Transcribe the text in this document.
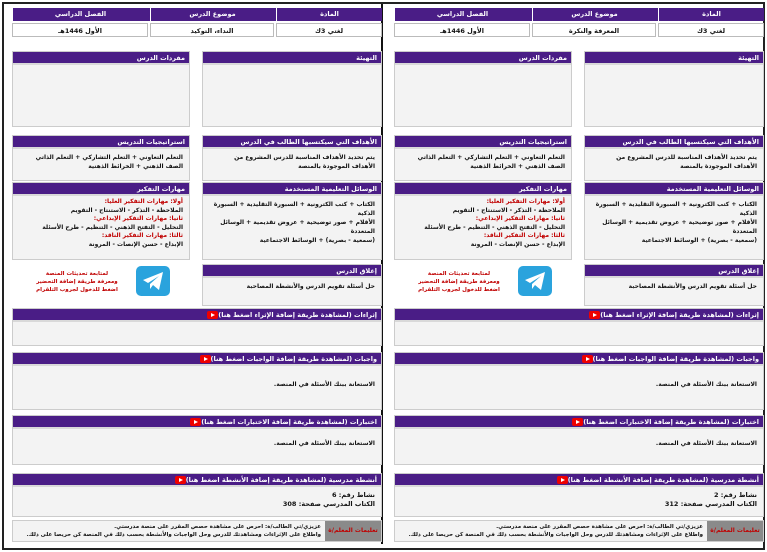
المادة
موضوع الدرس
الفصل الدراسي
لغتي 3ك
المعرفة والنكرة
الأول 1446هـ
التهيئة
مفردات الدرس
الأهداف التي سيكتسبها الطالب في الدرس
يتم تحديد الأهداف المناسبة للدرس المشروع من الأهداف الموجودة بالمنصة
استراتيجيات التدريس
التعلم التعاوني + التعلم التشاركي + التعلم الذاتي
الصف الذهني + الخرائط الذهنية
الوسائل التعليمية المستخدمة
الكتاب + كتب الكترونية + السبورة التقليدية + السبورة الذكية
الأقلام + صور توضيحية + عروض تقديمية + الوسائل المتعددة
(سمعية - بصرية) + الوسائط الاجتماعية
مهارات التفكير
أولا: مهارات التفكير العليا:
الملاحظة - التذكر - الاستنتاج - التقويم
ثانيا: مهارات التفكير الإبداعي:
التحليل - التفتح الذهني - التنظيم - طرح الأسئلة
ثالثا: مهارات التفكير الناقد:
الإبداع - حسن الإنصات - المرونة
إغلاق الدرس
حل أسئلة تقويم الدرس والأنشطة المصاحبة
لمتابعة تحديثات المنصة
ومعرفة طريقة إضافة التحضير
اضغط للدخول لجروب التلقرام
إثراءات (لمشاهدة طريقة إضافة الإثراء اضغط هنا)
واجبات (لمشاهدة طريقة إضافة الواجبات اضغط هنا)
الاستعانة ببنك الأسئلة في المنصة.
اختبارات (لمشاهدة طريقة إضافة الاختبارات اضغط هنا)
الاستعانة ببنك الأسئلة في المنصة.
أنشطة مدرسية (لمشاهدة طريقة إضافة الأنشطة اضغط هنا)
نشاط رقم: 2
الكتاب المدرسي صفحة: 312
تعليمات المعلم/ة
عزيزي/تي الطالب/ة: احرص على مشاهدة حصص المقرر على منصة مدرستي.
واطلاع على الإثراءات ومشاهدتك للدرس وحل الواجبات والأنشطة بحسب ذلك في المنصة كن حريصا على ذلك.
المادة
موضوع الدرس
الفصل الدراسي
لغتي 3ك
النداء، التوكيد
الأول 1446هـ
التهيئة
مفردات الدرس
الأهداف التي سيكتسبها الطالب في الدرس
يتم تحديد الأهداف المناسبة للدرس المشروع من الأهداف الموجودة بالمنصة
استراتيجيات التدريس
التعلم التعاوني + التعلم التشاركي + التعلم الذاتي
الصف الذهني + الخرائط الذهنية
الوسائل التعليمية المستخدمة
الكتاب + كتب الكترونية + السبورة التقليدية + السبورة الذكية
الأقلام + صور توضيحية + عروض تقديمية + الوسائل المتعددة
(سمعية - بصرية) + الوسائط الاجتماعية
مهارات التفكير
أولا: مهارات التفكير العليا:
الملاحظة - التذكر - الاستنتاج - التقويم
ثانيا: مهارات التفكير الإبداعي:
التحليل - التفتح الذهني - التنظيم - طرح الأسئلة
ثالثا: مهارات التفكير الناقد:
الإبداع - حسن الإنصات - المرونة
إغلاق الدرس
حل أسئلة تقويم الدرس والأنشطة المصاحبة
لمتابعة تحديثات المنصة
ومعرفة طريقة إضافة التحضير
اضغط للدخول لجروب التلقرام
إثراءات (لمشاهدة طريقة إضافة الإثراء اضغط هنا)
واجبات (لمشاهدة طريقة إضافة الواجبات اضغط هنا)
الاستعانة ببنك الأسئلة في المنصة.
اختبارات (لمشاهدة طريقة إضافة الاختبارات اضغط هنا)
الاستعانة ببنك الأسئلة في المنصة.
أنشطة مدرسية (لمشاهدة طريقة إضافة الأنشطة اضغط هنا)
نشاط رقم: 6
الكتاب المدرسي صفحة: 308
تعليمات المعلم/ة
عزيزي/تي الطالب/ة: احرص على مشاهدة حصص المقرر على منصة مدرستي.
واطلاع على الإثراءات ومشاهدتك للدرس وحل الواجبات والأنشطة بحسب ذلك في المنصة كن حريصا على ذلك.
